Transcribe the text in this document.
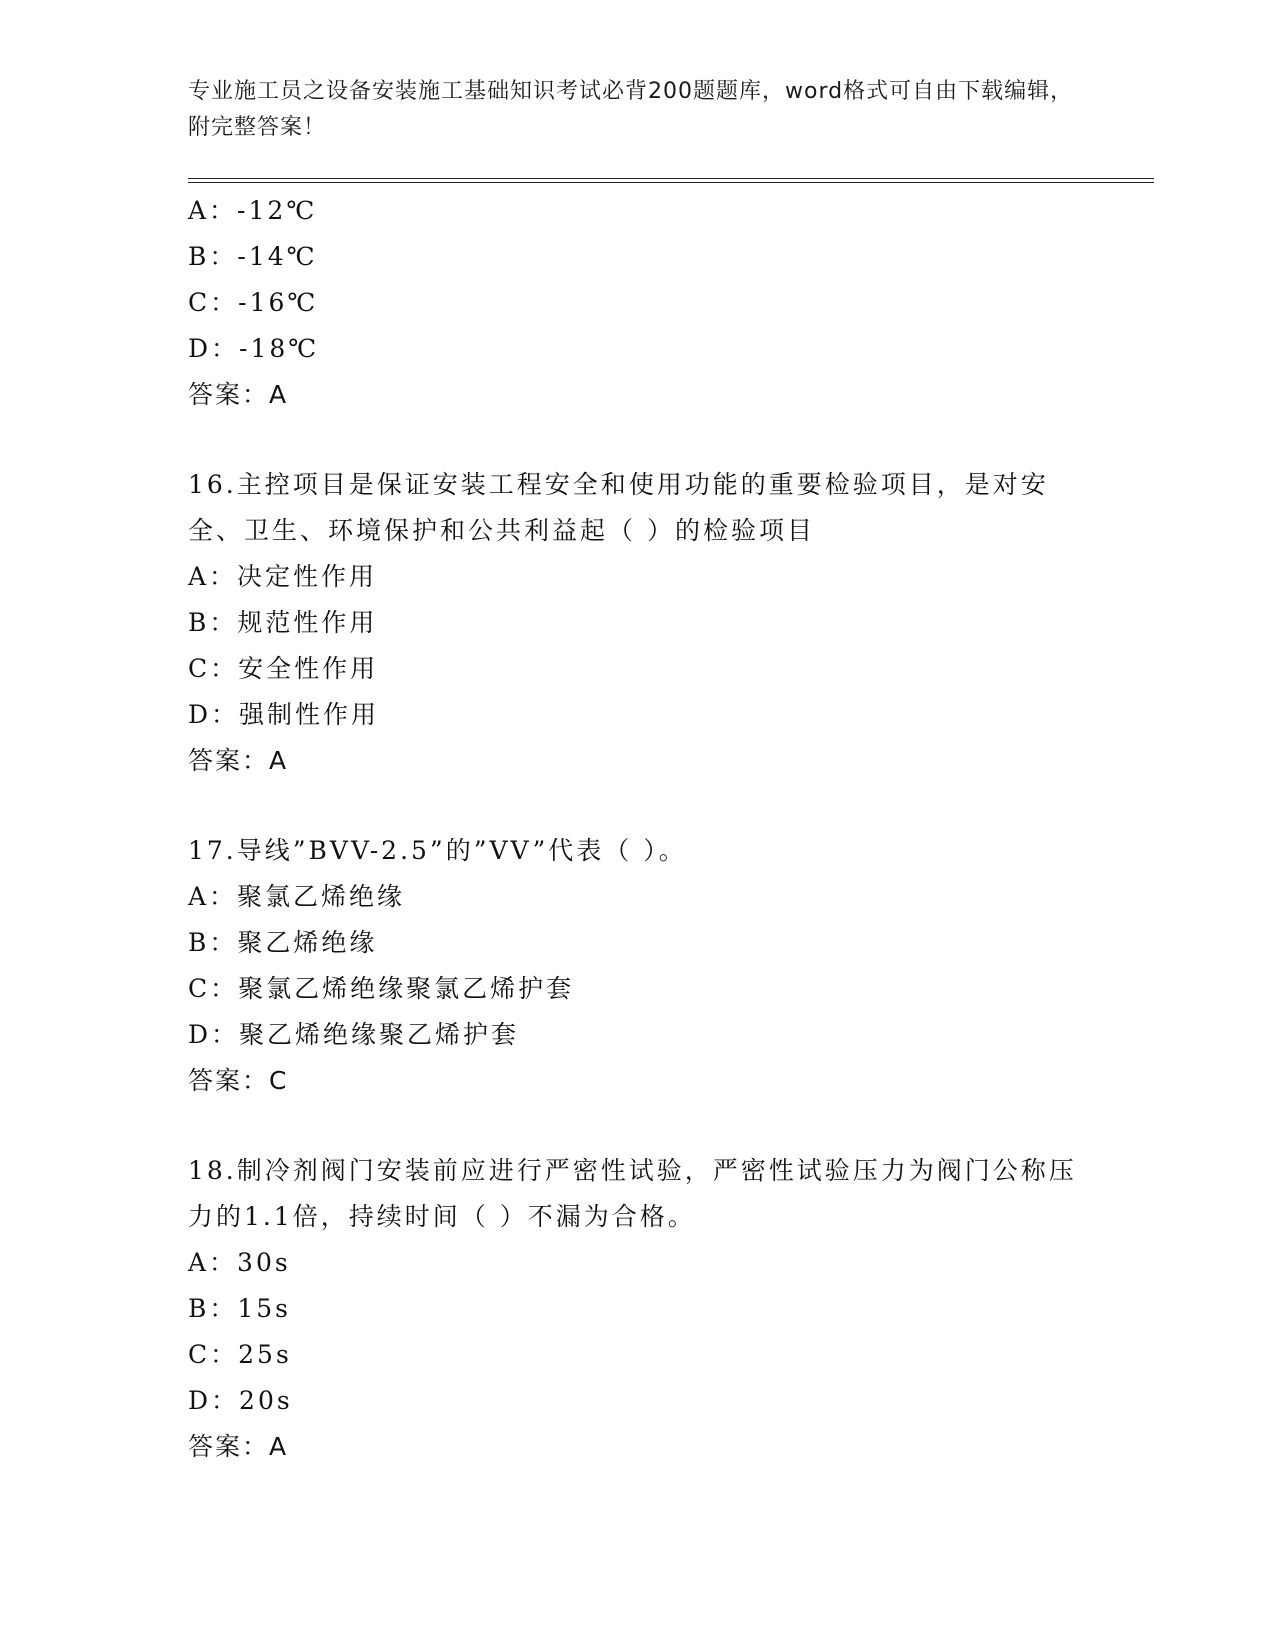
专业施工员之设备安装施工基础知识考试必背200题题库，word格式可自由下载编辑，附完整答案！
A：-12℃
B：-14℃
C：-16℃
D：-18℃
答案：A
16.主控项目是保证安装工程安全和使用功能的重要检验项目，是对安全、卫生、环境保护和公共利益起（ ）的检验项目
A：决定性作用
B：规范性作用
C：安全性作用
D：强制性作用
答案：A
17.导线”BVV-2.5”的”VV”代表（ ）。
A：聚氯乙烯绝缘
B：聚乙烯绝缘
C：聚氯乙烯绝缘聚氯乙烯护套
D：聚乙烯绝缘聚乙烯护套
答案：C
18.制冷剂阀门安装前应进行严密性试验，严密性试验压力为阀门公称压力的1.1倍，持续时间（ ）不漏为合格。
A：30s
B：15s
C：25s
D：20s
答案：A
